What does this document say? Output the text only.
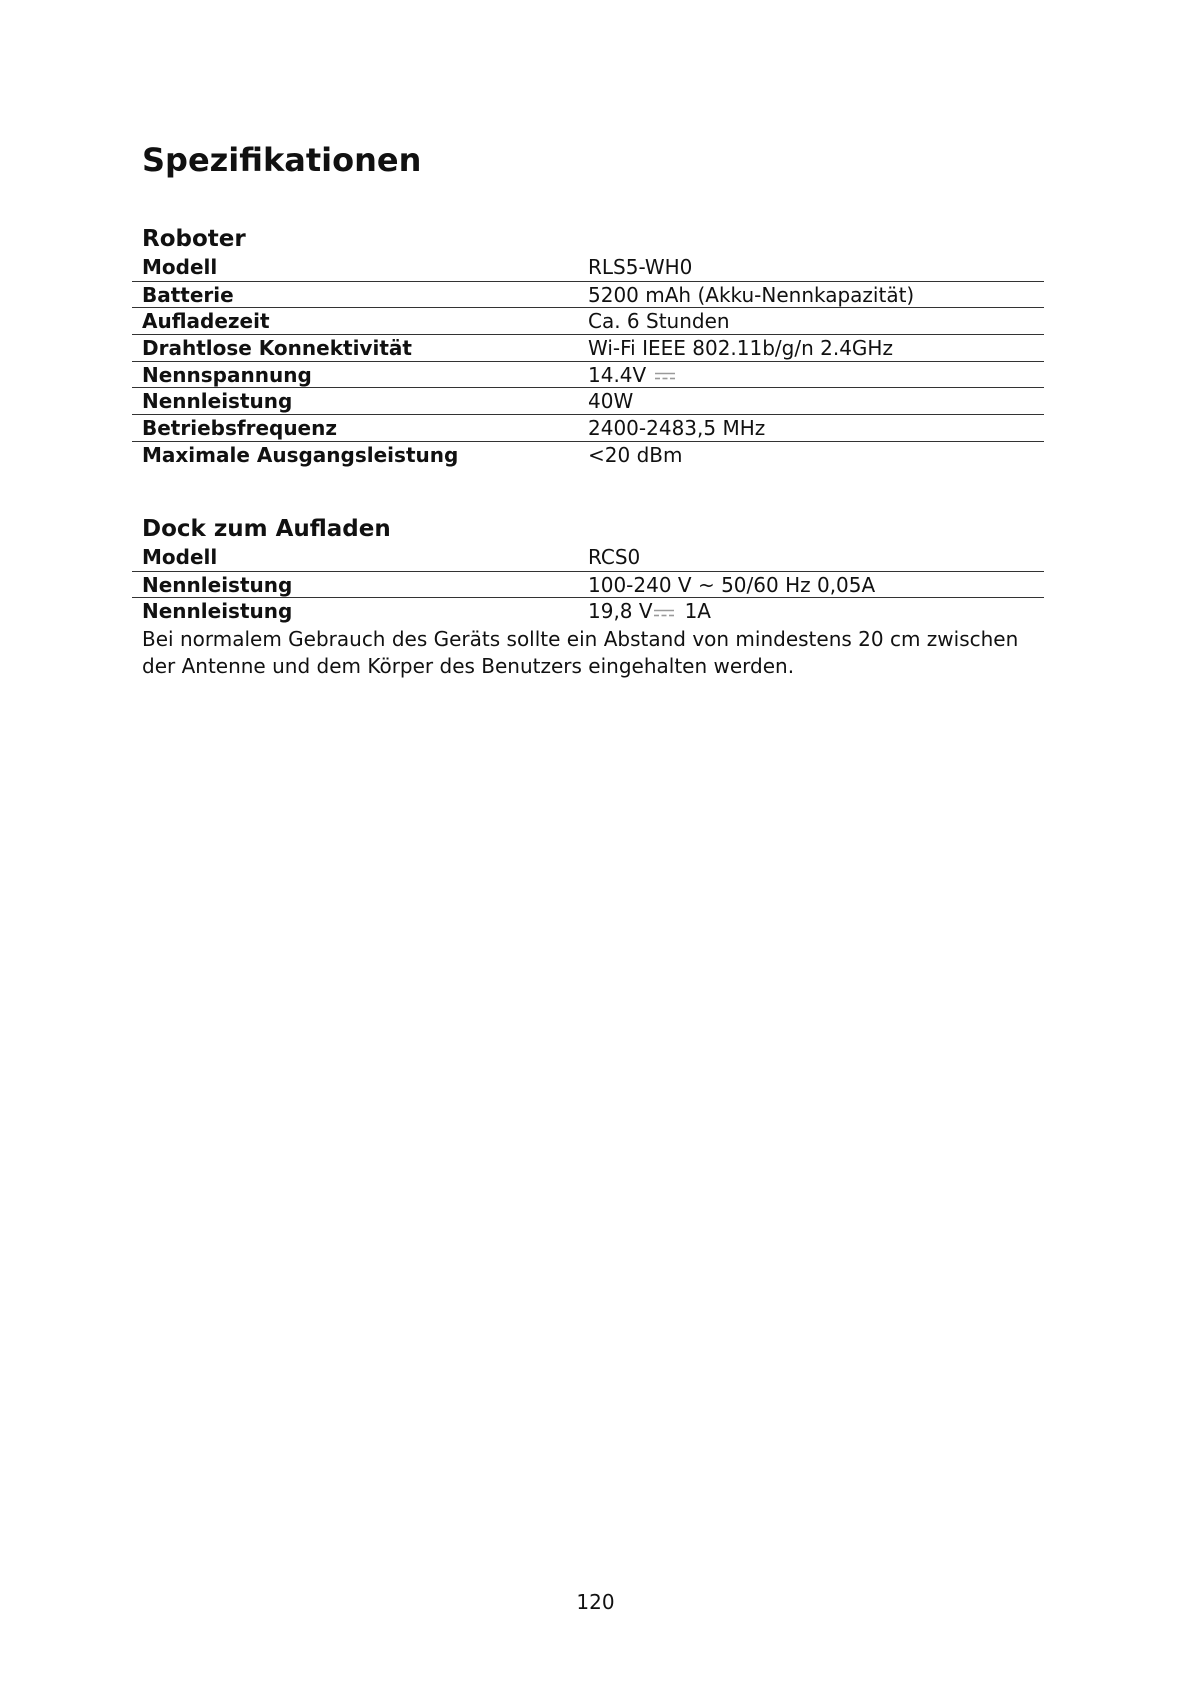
Spezifikationen
Roboter
Modell	RLS5-WH0
Batterie	5200 mAh (Akku-Nennkapazität)
Aufladezeit	Ca. 6 Stunden
Drahtlose Konnektivität	Wi-Fi IEEE 802.11b/g/n 2.4GHz
Nennspannung	14.4V
Nennleistung	40W
Betriebsfrequenz	2400-2483,5 MHz
Maximale Ausgangsleistung	<20 dBm
Dock zum Aufladen
Modell	RCS0
Nennleistung	100-240 V ~ 50/60 Hz 0,05A
Nennleistung	19,8 V 1A

Bei normalem Gebrauch des Geräts sollte ein Abstand von mindestens 20 cm zwischen der Antenne und dem Körper des Benutzers eingehalten werden.

120
